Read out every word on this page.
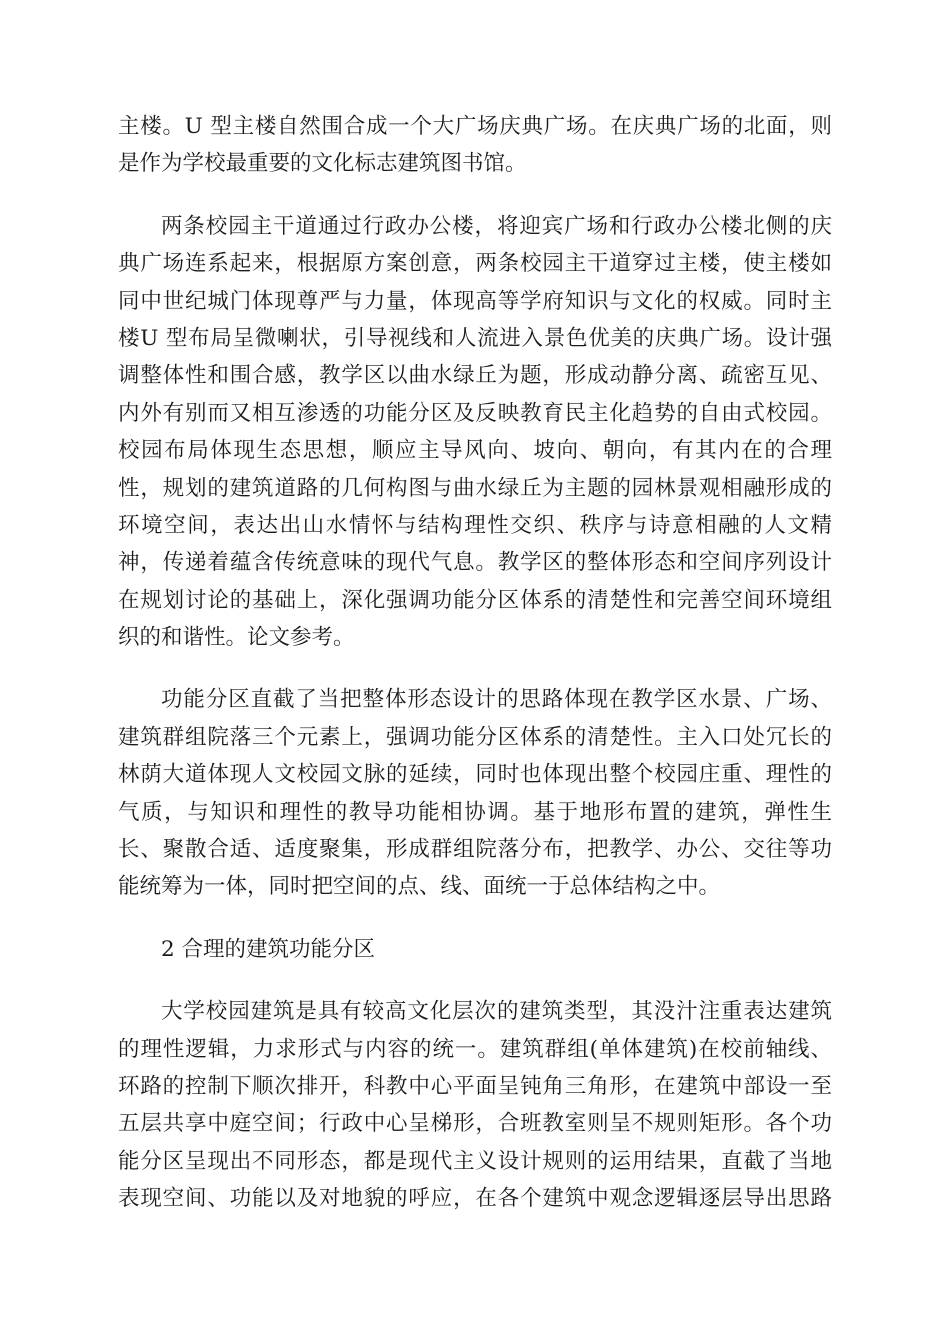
主楼。U 型主楼自然围合成一个大广场庆典广场。在庆典广场的北面，则
是作为学校最重要的文化标志建筑图书馆。
两条校园主干道通过行政办公楼，将迎宾广场和行政办公楼北侧的庆
典广场连系起来，根据原方案创意，两条校园主干道穿过主楼，使主楼如
同中世纪城门体现尊严与力量，体现高等学府知识与文化的权威。同时主
楼U 型布局呈微喇状，引导视线和人流进入景色优美的庆典广场。设计强
调整体性和围合感，教学区以曲水绿丘为题，形成动静分离、疏密互见、
内外有别而又相互渗透的功能分区及反映教育民主化趋势的自由式校园。
校园布局体现生态思想，顺应主导风向、坡向、朝向，有其内在的合理
性，规划的建筑道路的几何构图与曲水绿丘为主题的园林景观相融形成的
环境空间，表达出山水情怀与结构理性交织、秩序与诗意相融的人文精
神，传递着蕴含传统意味的现代气息。教学区的整体形态和空间序列设计
在规划讨论的基础上，深化强调功能分区体系的清楚性和完善空间环境组
织的和谐性。论文参考。
功能分区直截了当把整体形态设计的思路体现在教学区水景、广场、
建筑群组院落三个元素上，强调功能分区体系的清楚性。主入口处冗长的
林荫大道体现人文校园文脉的延续，同时也体现出整个校园庄重、理性的
气质，与知识和理性的教导功能相协调。基于地形布置的建筑，弹性生
长、聚散合适、适度聚集，形成群组院落分布，把教学、办公、交往等功
能统筹为一体，同时把空间的点、线、面统一于总体结构之中。
2 合理的建筑功能分区
大学校园建筑是具有较高文化层次的建筑类型，其没汁注重表达建筑
的理性逻辑，力求形式与内容的统一。建筑群组(单体建筑)在校前轴线、
环路的控制下顺次排开，科教中心平面呈钝角三角形，在建筑中部设一至
五层共享中庭空间；行政中心呈梯形，合班教室则呈不规则矩形。各个功
能分区呈现出不同形态，都是现代主义设计规则的运用结果，直截了当地
表现空间、功能以及对地貌的呼应，在各个建筑中观念逻辑逐层导出思路
